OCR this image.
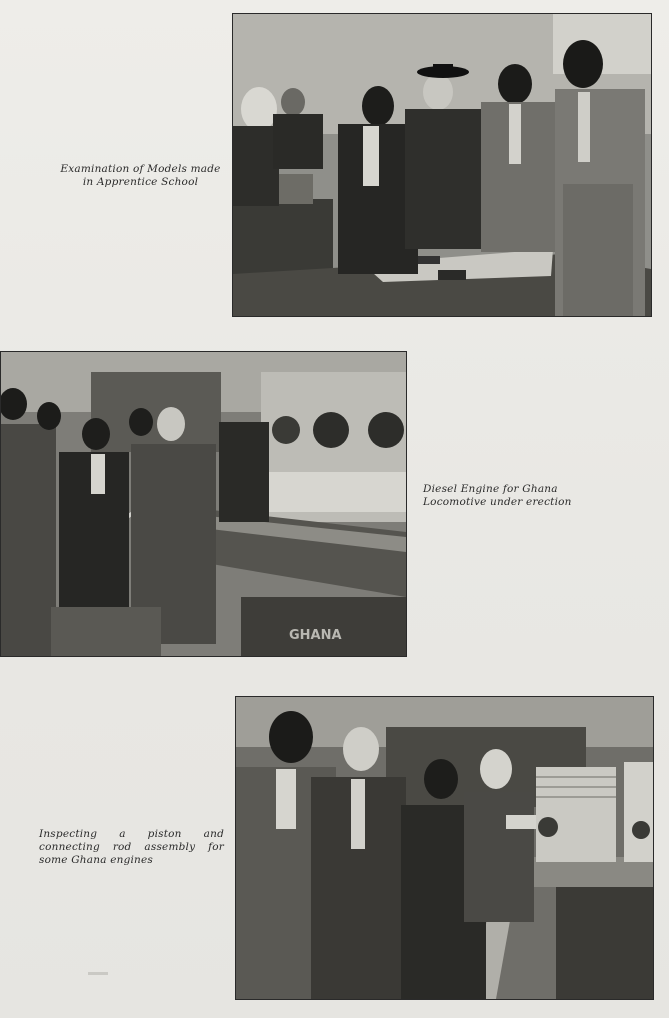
Examination of Models made in Apprentice School
GHANA
Diesel Engine for Ghana Locomotive under erection
Inspecting a piston and connecting rod assembly for some Ghana engines
